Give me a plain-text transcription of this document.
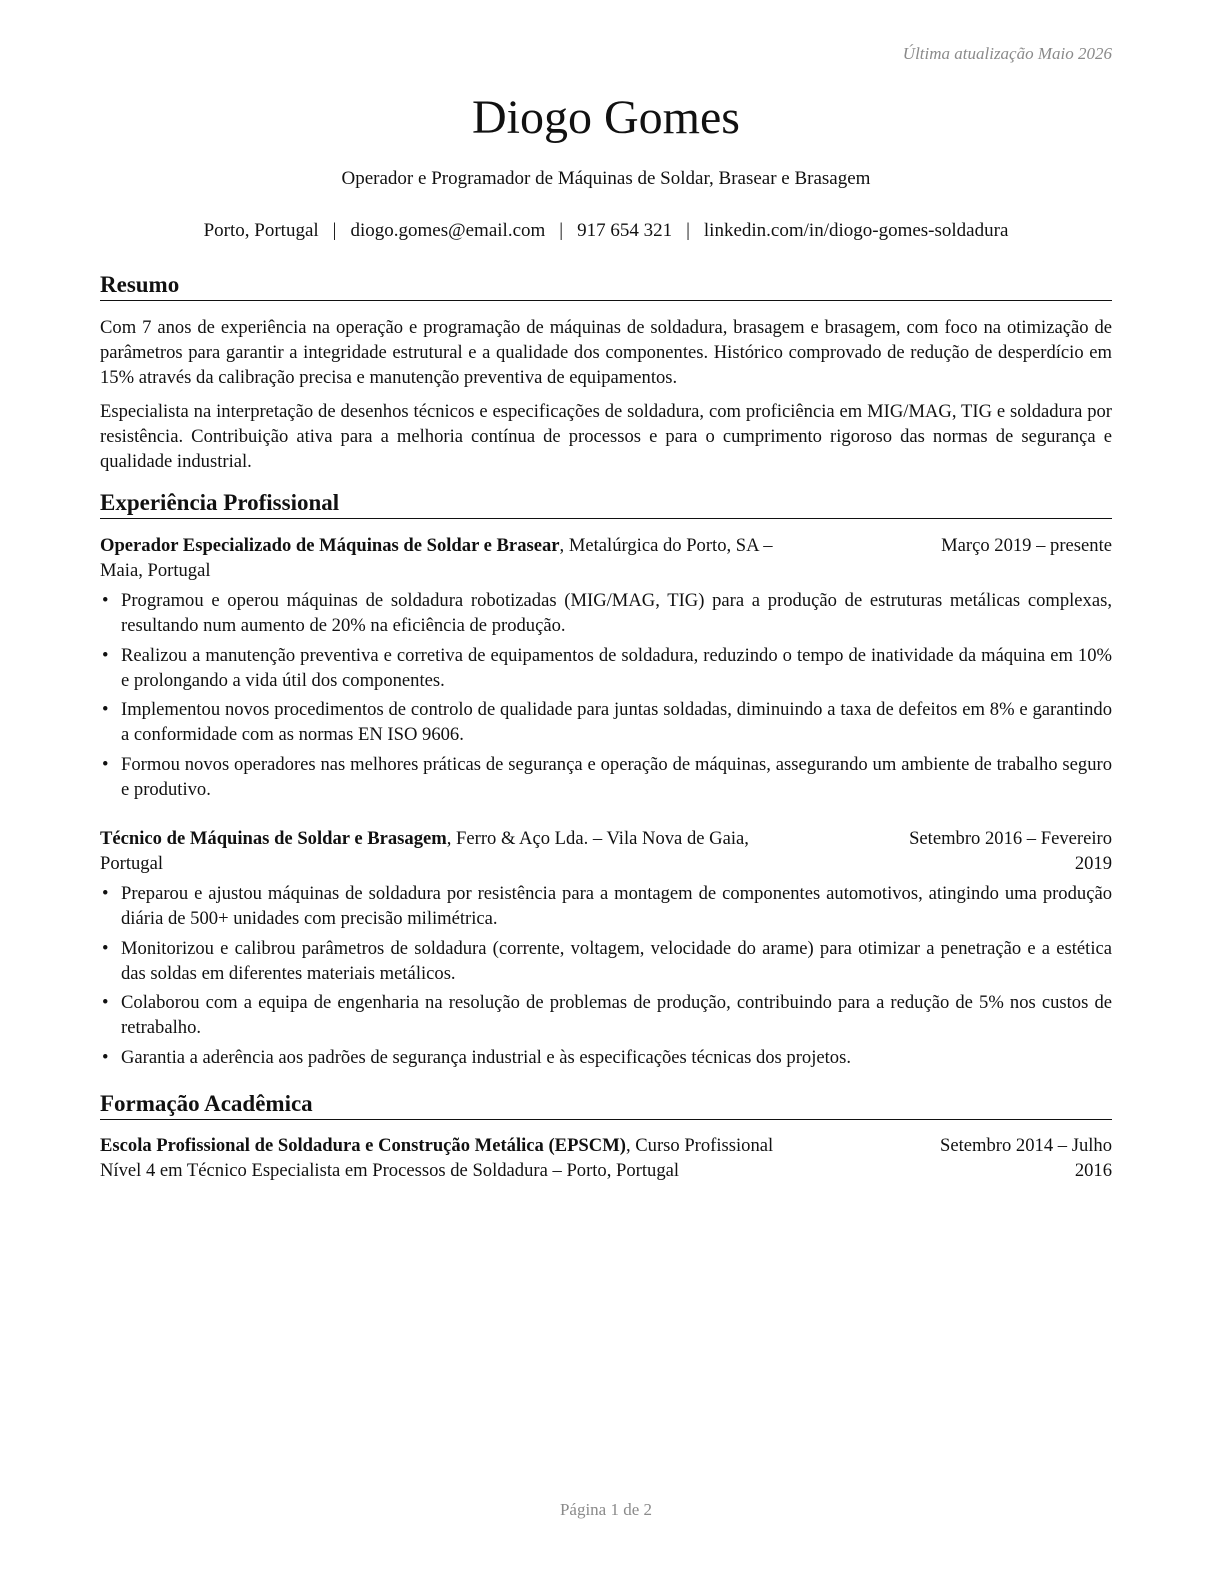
Última atualização Maio 2026
Diogo Gomes
Operador e Programador de Máquinas de Soldar, Brasear e Brasagem
Porto, Portugal | diogo.gomes@email.com | 917 654 321 | linkedin.com/in/diogo-gomes-soldadura
Resumo

Com 7 anos de experiência na operação e programação de máquinas de soldadura, brasagem e brasagem, com foco na otimização de parâmetros para garantir a integridade estrutural e a qualidade dos componentes. Histórico comprovado de redução de desperdício em 15% através da calibração precisa e manutenção preventiva de equipamentos.

Especialista na interpretação de desenhos técnicos e especificações de soldadura, com proficiência em MIG/MAG, TIG e soldadura por resistência. Contribuição ativa para a melhoria contínua de processos e para o cumprimento rigoroso das normas de segurança e qualidade industrial.

Experiência Profissional
Operador Especializado de Máquinas de Soldar e Brasear, Metalúrgica do Porto, SA –
Maia, Portugal
Março 2019 – presente
• Programou e operou máquinas de soldadura robotizadas (MIG/MAG, TIG) para a produção de estruturas metálicas complexas, resultando num aumento de 20% na eficiência de produção.
• Realizou a manutenção preventiva e corretiva de equipamentos de soldadura, reduzindo o tempo de inatividade da máquina em 10% e prolongando a vida útil dos componentes.
• Implementou novos procedimentos de controlo de qualidade para juntas soldadas, diminuindo a taxa de defeitos em 8% e garantindo a conformidade com as normas EN ISO 9606.
• Formou novos operadores nas melhores práticas de segurança e operação de máquinas, assegurando um ambiente de trabalho seguro e produtivo.
Técnico de Máquinas de Soldar e Brasagem, Ferro & Aço Lda. – Vila Nova de Gaia,
Portugal
Setembro 2016 – Fevereiro
2019
• Preparou e ajustou máquinas de soldadura por resistência para a montagem de componentes automotivos, atingindo uma produção diária de 500+ unidades com precisão milimétrica.
• Monitorizou e calibrou parâmetros de soldadura (corrente, voltagem, velocidade do arame) para otimizar a penetração e a estética das soldas em diferentes materiais metálicos.
• Colaborou com a equipa de engenharia na resolução de problemas de produção, contribuindo para a redução de 5% nos custos de retrabalho.
• Garantia a aderência aos padrões de segurança industrial e às especificações técnicas dos projetos.
Formação Acadêmica
Escola Profissional de Soldadura e Construção Metálica (EPSCM), Curso Profissional
Nível 4 em Técnico Especialista em Processos de Soldadura – Porto, Portugal
Setembro 2014 – Julho
2016
Página 1 de 2
